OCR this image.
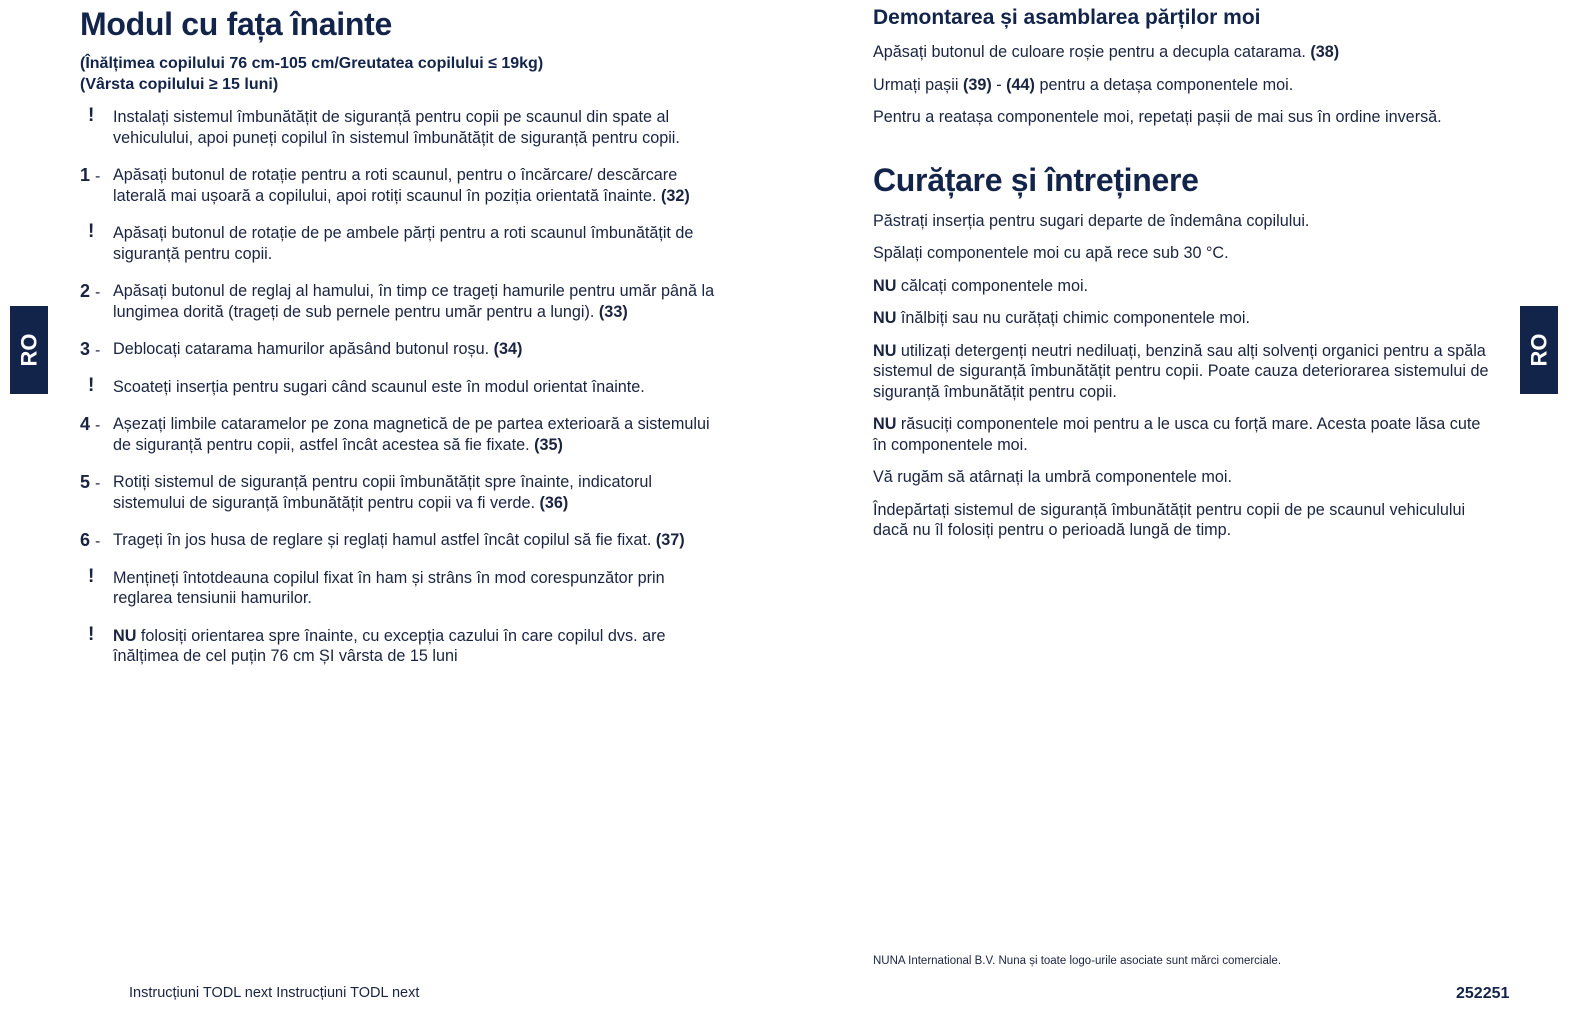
RO	RO
Modul cu fața înainte
(Înălțimea copilului 76 cm-105 cm/Greutatea copilului ≤ 19kg)
(Vârsta copilului ≥ 15 luni)
! Instalați sistemul îmbunătățit de siguranță pentru copii pe scaunul din spate al vehiculului, apoi puneți copilul în sistemul îmbunătățit de siguranță pentru copii.
1 - Apăsați butonul de rotație pentru a roti scaunul, pentru o încărcare/ descărcare laterală mai ușoară a copilului, apoi rotiți scaunul în poziția orientată înainte. (32)
! Apăsați butonul de rotație de pe ambele părți pentru a roti scaunul îmbunătățit de siguranță pentru copii.
2 - Apăsați butonul de reglaj al hamului, în timp ce trageți hamurile pentru umăr până la lungimea dorită (trageți de sub pernele pentru umăr pentru a lungi). (33)
3 - Deblocați catarama hamurilor apăsând butonul roșu. (34)
! Scoateți inserția pentru sugari când scaunul este în modul orientat înainte.
4 - Așezați limbile cataramelor pe zona magnetică de pe partea exterioară a sistemului de siguranță pentru copii, astfel încât acestea să fie fixate. (35)
5 - Rotiți sistemul de siguranță pentru copii îmbunătățit spre înainte, indicatorul sistemului de siguranță îmbunătățit pentru copii va fi verde. (36)
6 - Trageți în jos husa de reglare și reglați hamul astfel încât copilul să fie fixat. (37)
! Mențineți întotdeauna copilul fixat în ham și strâns în mod corespunzător prin reglarea tensiunii hamurilor.
! NU folosiți orientarea spre înainte, cu excepția cazului în care copilul dvs. are înălțimea de cel puțin 76 cm ȘI vârsta de 15 luni
Demontarea și asamblarea părților moi
Apăsați butonul de culoare roșie pentru a decupla catarama. (38)
Urmați pașii (39) - (44) pentru a detașa componentele moi.
Pentru a reatașa componentele moi, repetați pașii de mai sus în ordine inversă.
Curățare și întreținere
Păstrați inserția pentru sugari departe de îndemâna copilului.
Spălați componentele moi cu apă rece sub 30 °C.
NU călcați componentele moi.
NU înălbiți sau nu curățați chimic componentele moi.
NU utilizați detergenți neutri nediluați, benzină sau alți solvenți organici pentru a spăla sistemul de siguranță îmbunătățit pentru copii. Poate cauza deteriorarea sistemului de siguranță îmbunătățit pentru copii.
NU răsuciți componentele moi pentru a le usca cu forță mare. Acesta poate lăsa cute în componentele moi.
Vă rugăm să atârnați la umbră componentele moi.
Îndepărtați sistemul de siguranță îmbunătățit pentru copii de pe scaunul vehiculului dacă nu îl folosiți pentru o perioadă lungă de timp.
Instrucțiuni TODL next Instrucțiuni TODL next
NUNA International B.V. Nuna și toate logo-urile asociate sunt mărci comerciale.
252251
